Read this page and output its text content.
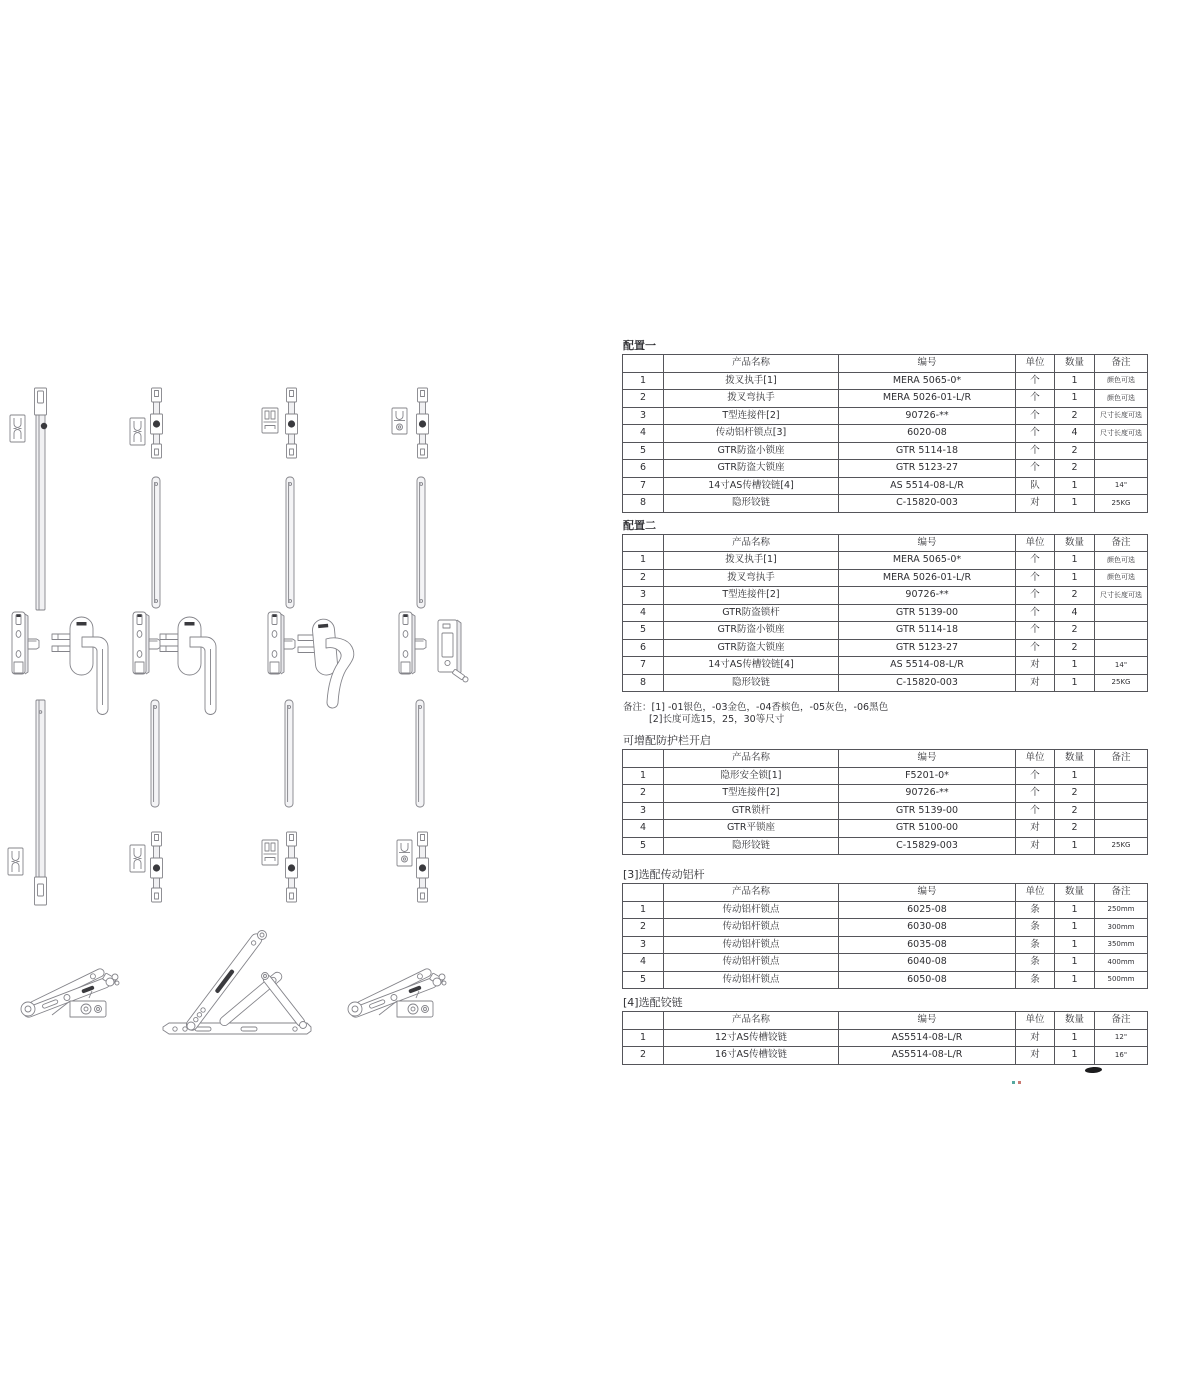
配置一
	产品名称	编号	单位	数量	备注
1	拨叉执手[1]	MERA 5065-0*	个	1	颜色可选
2	拨叉弯执手	MERA 5026-01-L/R	个	1	颜色可选
3	T型连接件[2]	90726-**	个	2	尺寸长度可选
4	传动铝杆锁点[3]	6020-08	个	4	尺寸长度可选
5	GTR防盗小锁座	GTR 5114-18	个	2	
6	GTR防盗大锁座	GTR 5123-27	个	2	
7	14寸AS传槽铰链[4]	AS 5514-08-L/R	队	1	14"
8	隐形铰链	C-15820-003	对	1	25KG
配置二
	产品名称	编号	单位	数量	备注
1	拨叉执手[1]	MERA 5065-0*	个	1	颜色可选
2	拨叉弯执手	MERA 5026-01-L/R	个	1	颜色可选
3	T型连接件[2]	90726-**	个	2	尺寸长度可选
4	GTR防盗锁杆	GTR 5139-00	个	4	
5	GTR防盗小锁座	GTR 5114-18	个	2	
6	GTR防盗大锁座	GTR 5123-27	个	2	
7	14寸AS传槽铰链[4]	AS 5514-08-L/R	对	1	14"
8	隐形铰链	C-15820-003	对	1	25KG
备注：[1] -01银色，-03金色，-04香槟色，-05灰色，-06黑色
[2]长度可选15，25，30等尺寸
可增配防护栏开启
	产品名称	编号	单位	数量	备注
1	隐形安全锁[1]	F5201-0*	个	1	
2	T型连接件[2]	90726-**	个	2	
3	GTR锁杆	GTR 5139-00	个	2	
4	GTR平锁座	GTR 5100-00	对	2	
5	隐形铰链	C-15829-003	对	1	25KG
[3]选配传动铝杆
	产品名称	编号	单位	数量	备注
1	传动铝杆锁点	6025-08	条	1	250mm
2	传动铝杆锁点	6030-08	条	1	300mm
3	传动铝杆锁点	6035-08	条	1	350mm
4	传动铝杆锁点	6040-08	条	1	400mm
5	传动铝杆锁点	6050-08	条	1	500mm
[4]选配铰链
	产品名称	编号	单位	数量	备注
1	12寸AS传槽铰链	AS5514-08-L/R	对	1	12"
2	16寸AS传槽铰链	AS5514-08-L/R	对	1	16"
